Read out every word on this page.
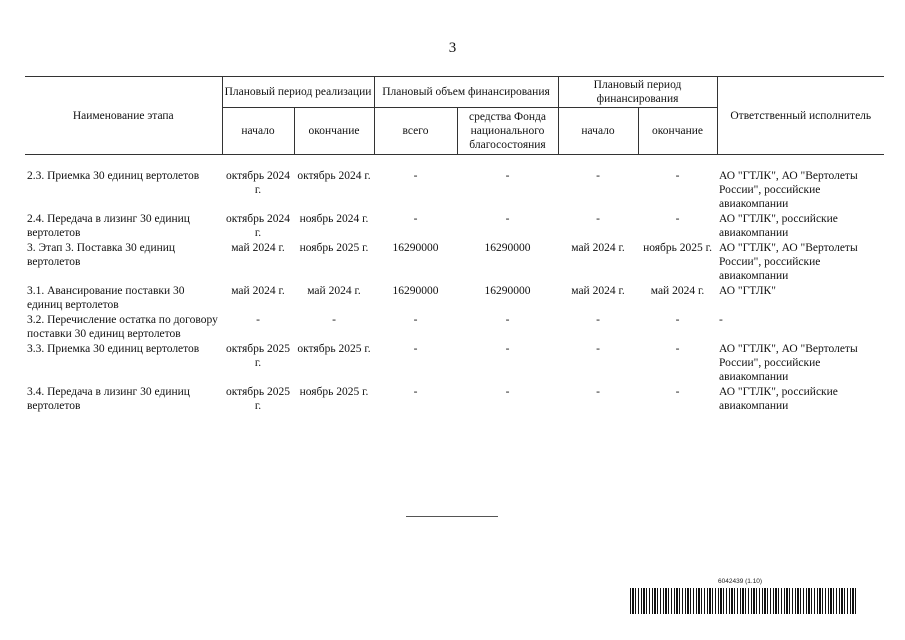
3
Наименование этапа	Плановый период реализации		Плановый объем финансирования		Плановый период финансирования		Ответственный исполнитель
	начало	окончание	всего	средства Фонда национального благосостояния	начало	окончание	

2.3. Приемка 30 единиц вертолетов	октябрь 2024 г.	октябрь 2024 г.	-	-	-	-	АО "ГТЛК", АО "Вертолеты России", российские авиакомпании
2.4. Передача в лизинг 30 единиц вертолетов	октябрь 2024 г.	ноябрь 2024 г.	-	-	-	-	АО "ГТЛК", российские авиакомпании
3. Этап 3. Поставка 30 единиц вертолетов	май 2024 г.	ноябрь 2025 г.	16290000	16290000	май 2024 г.	ноябрь 2025 г.	АО "ГТЛК", АО "Вертолеты России", российские авиакомпании
3.1. Авансирование поставки 30 единиц вертолетов	май 2024 г.	май 2024 г.	16290000	16290000	май 2024 г.	май 2024 г.	АО "ГТЛК"
3.2. Перечисление остатка по договору поставки 30 единиц вертолетов	-	-	-	-	-	-	-
3.3. Приемка 30 единиц вертолетов	октябрь 2025 г.	октябрь 2025 г.	-	-	-	-	АО "ГТЛК", АО "Вертолеты России", российские авиакомпании
3.4. Передача в лизинг 30 единиц вертолетов	октябрь 2025 г.	ноябрь 2025 г.	-	-	-	-	АО "ГТЛК", российские авиакомпании
6042439 (1.10)
